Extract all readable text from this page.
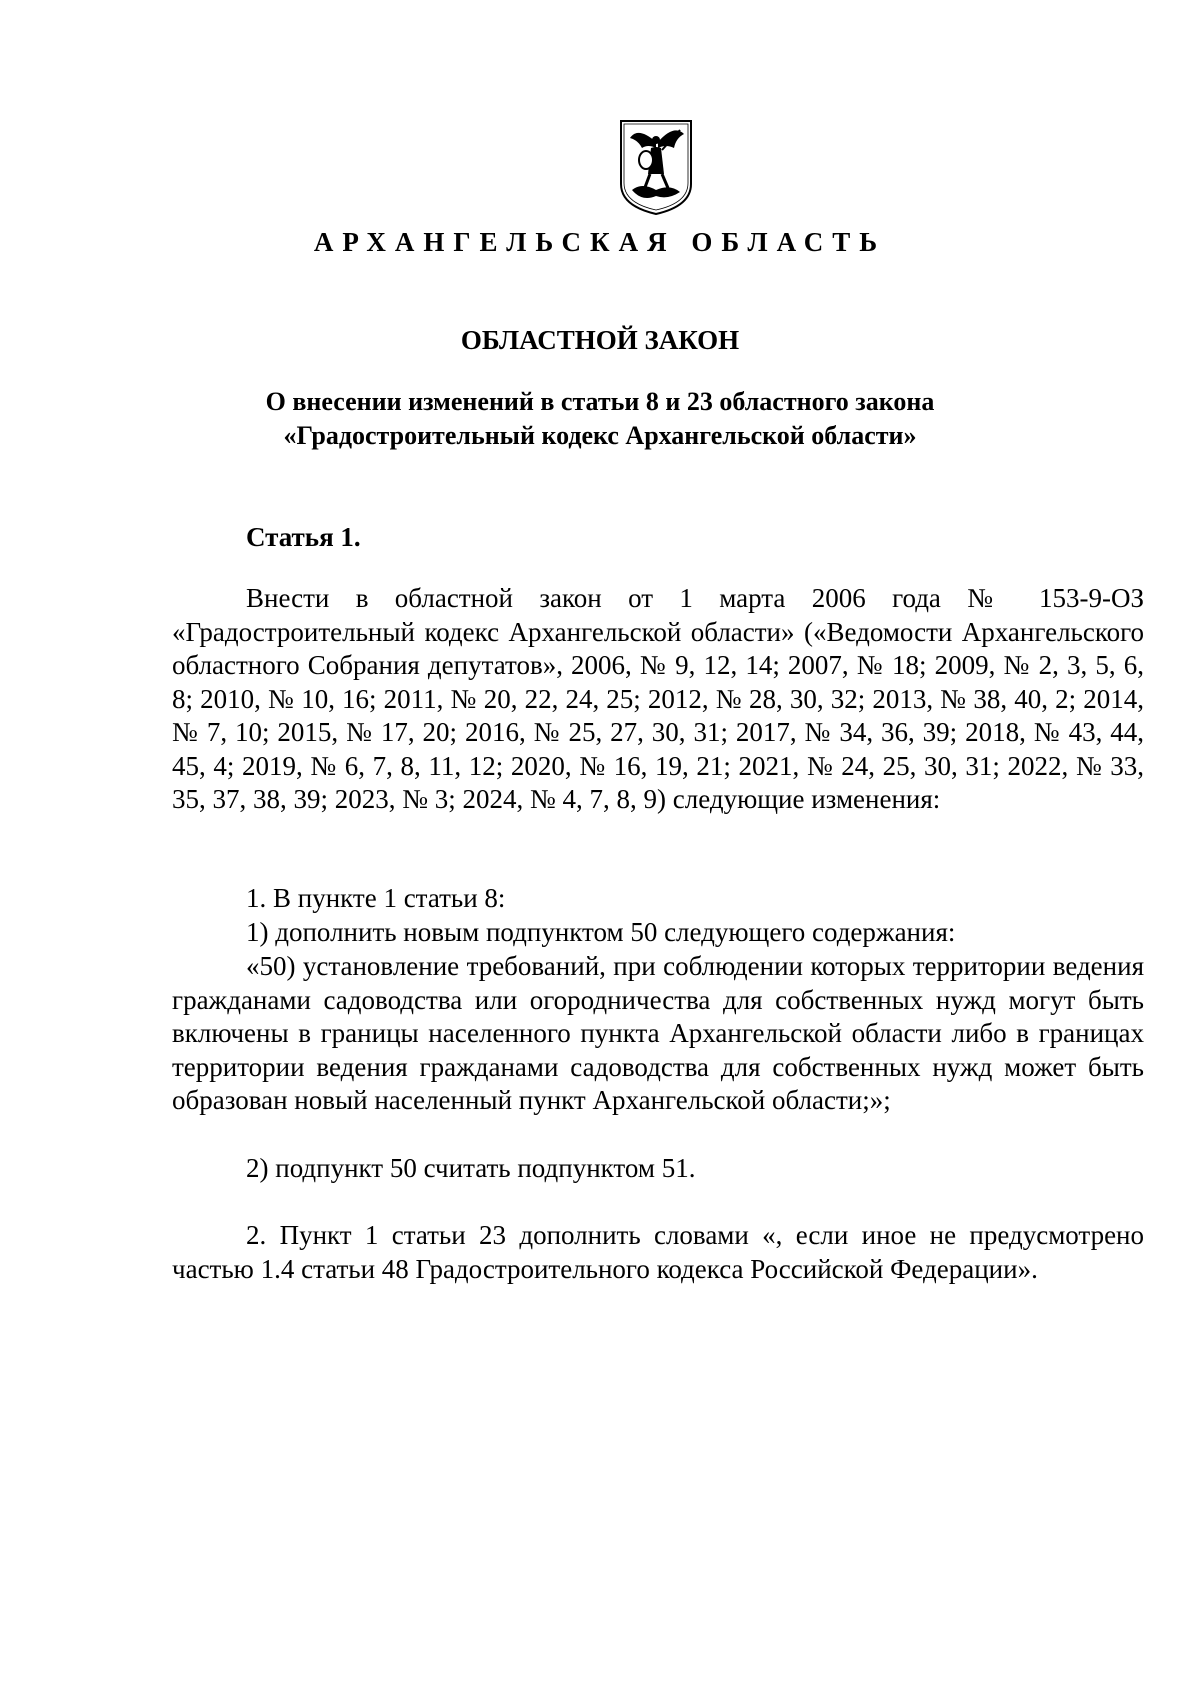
АРХАНГЕЛЬСКАЯ ОБЛАСТЬ
ОБЛАСТНОЙ ЗАКОН
О внесении изменений в статьи 8 и 23 областного закона
«Градостроительный кодекс Архангельской области»
Статья 1.
Внести в областной закон от 1 марта 2006 года № 153-9-ОЗ «Градостроительный кодекс Архангельской области» («Ведомости Архангельского областного Собрания депутатов», 2006, № 9, 12, 14; 2007, № 18; 2009, № 2, 3, 5, 6, 8; 2010, № 10, 16; 2011, № 20, 22, 24, 25; 2012, № 28, 30, 32; 2013, № 38, 40, 2; 2014, № 7, 10; 2015, № 17, 20; 2016, № 25, 27, 30, 31; 2017, № 34, 36, 39; 2018, № 43, 44, 45, 4; 2019, № 6, 7, 8, 11, 12; 2020, № 16, 19, 21; 2021, № 24, 25, 30, 31; 2022, № 33, 35, 37, 38, 39; 2023, № 3; 2024, № 4, 7, 8, 9) следующие изменения:
1. В пункте 1 статьи 8:
1) дополнить новым подпунктом 50 следующего содержания:
«50) установление требований, при соблюдении которых территории ведения гражданами садоводства или огородничества для собственных нужд могут быть включены в границы населенного пункта Архангельской области либо в границах территории ведения гражданами садоводства для собственных нужд может быть образован новый населенный пункт Архангельской области;»;
2) подпункт 50 считать подпунктом 51.
2. Пункт 1 статьи 23 дополнить словами «, если иное не предусмотрено частью 1.4 статьи 48 Градостроительного кодекса Российской Федерации».
